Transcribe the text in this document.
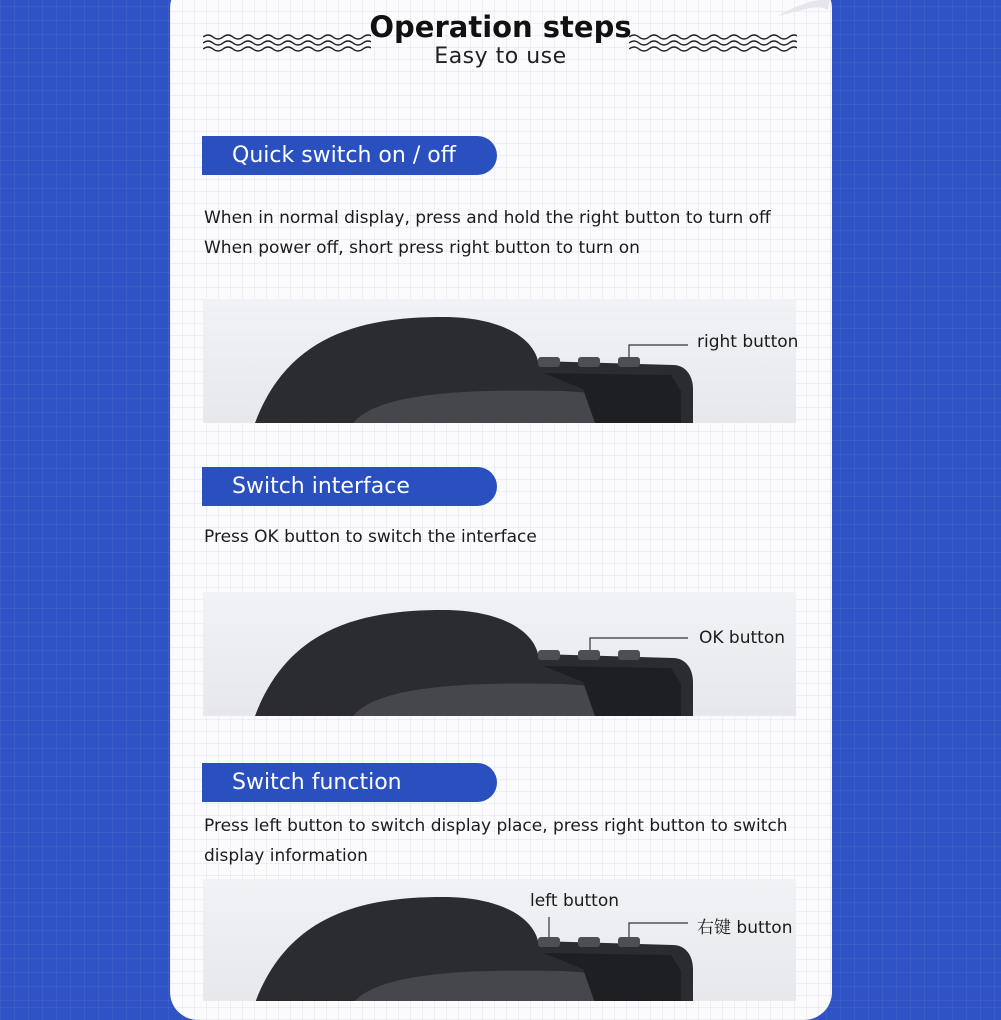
Operation steps
Easy to use
Quick switch on / off
When in normal display, press and hold the right button to turn off
When power off, short press right button to turn on
right button
Switch interface
Press OK button to switch the interface
OK button
Switch function
Press left button to switch display place, press right button to switch
display information
left button
右键 button
